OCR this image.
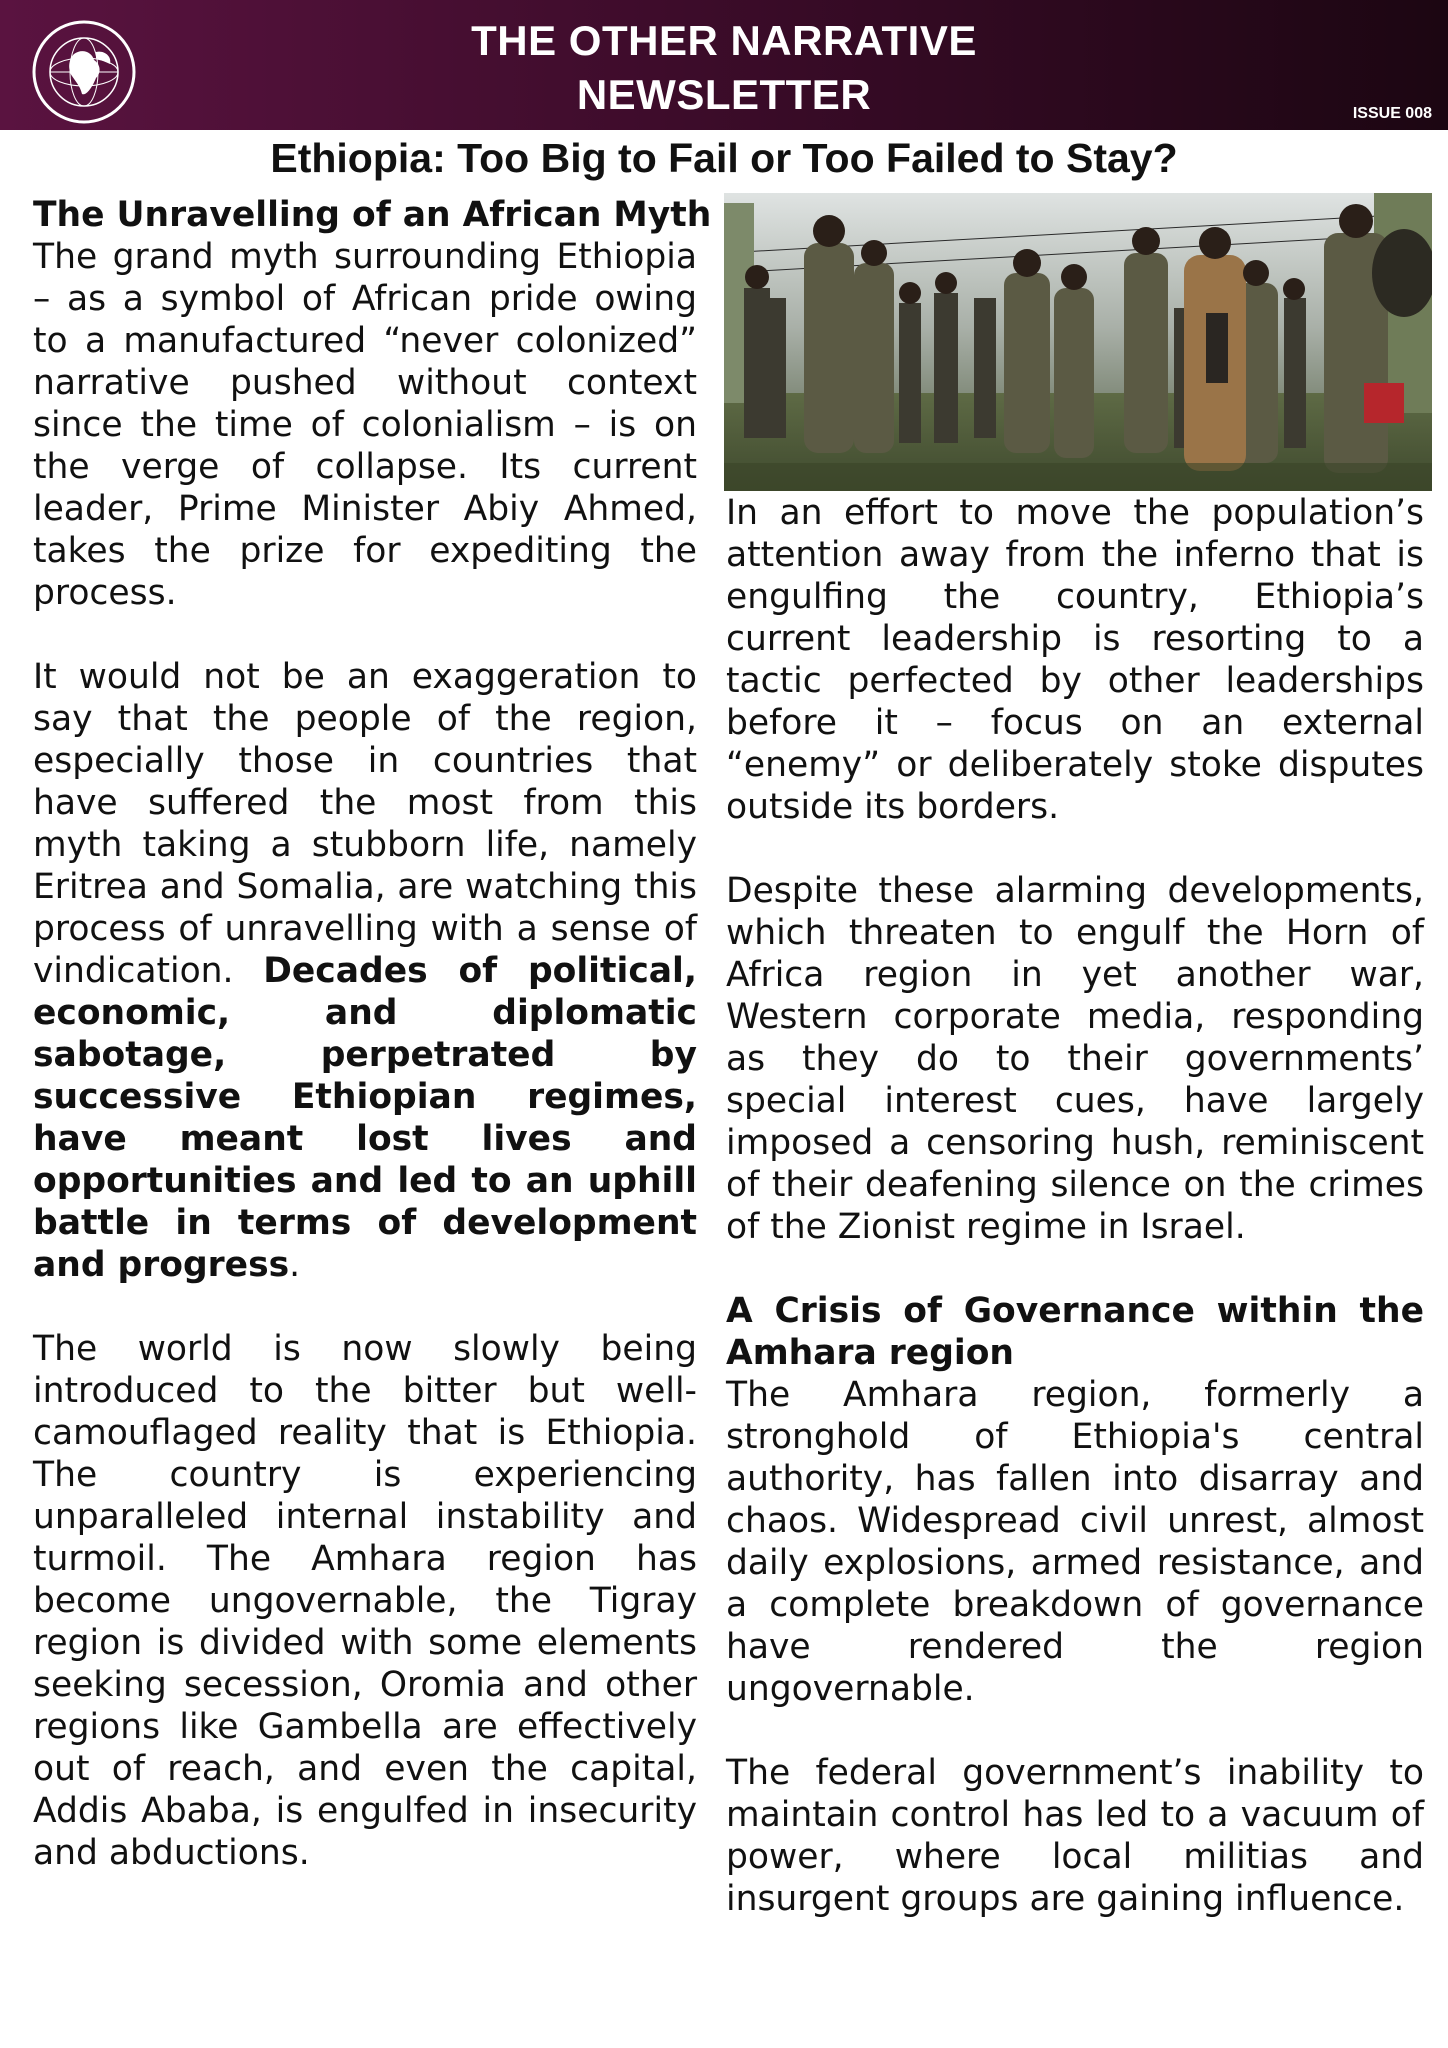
THE OTHER NARRATIVE
NEWSLETTER	ISSUE 008
Ethiopia: Too Big to Fail or Too Failed to Stay?
The Unravelling of an African Myth

The grand myth surrounding Ethiopia – as a symbol of African pride owing to a manufactured “never colonized” narrative pushed without context since the time of colonialism – is on the verge of collapse. Its current leader, Prime Minister Abiy Ahmed, takes the prize for expediting the process.

It would not be an exaggeration to say that the people of the region, especially those in countries that have suffered the most from this myth taking a stubborn life, namely Eritrea and Somalia, are watching this process of unravelling with a sense of vindication. Decades of political, economic, and diplomatic sabotage, perpetrated by successive Ethiopian regimes, have meant lost lives and opportunities and led to an uphill battle in terms of development and progress.

The world is now slowly being introduced to the bitter but well-camouflaged reality that is Ethiopia. The country is experiencing unparalleled internal instability and turmoil. The Amhara region has become ungovernable, the Tigray region is divided with some elements seeking secession, Oromia and other regions like Gambella are effectively out of reach, and even the capital, Addis Ababa, is engulfed in insecurity and abductions.

In an effort to move the population’s attention away from the inferno that is engulfing the country, Ethiopia’s current leadership is resorting to a tactic perfected by other leaderships before it – focus on an external “enemy” or deliberately stoke disputes outside its borders.

Despite these alarming developments, which threaten to engulf the Horn of Africa region in yet another war, Western corporate media, responding as they do to their governments’ special interest cues, have largely imposed a censoring hush, reminiscent of their deafening silence on the crimes of the Zionist regime in Israel.

A Crisis of Governance within the Amhara region

The Amhara region, formerly a stronghold of Ethiopia's central authority, has fallen into disarray and chaos. Widespread civil unrest, almost daily explosions, armed resistance, and a complete breakdown of governance have rendered the region ungovernable.

The federal government’s inability to maintain control has led to a vacuum of power, where local militias and insurgent groups are gaining influence.
